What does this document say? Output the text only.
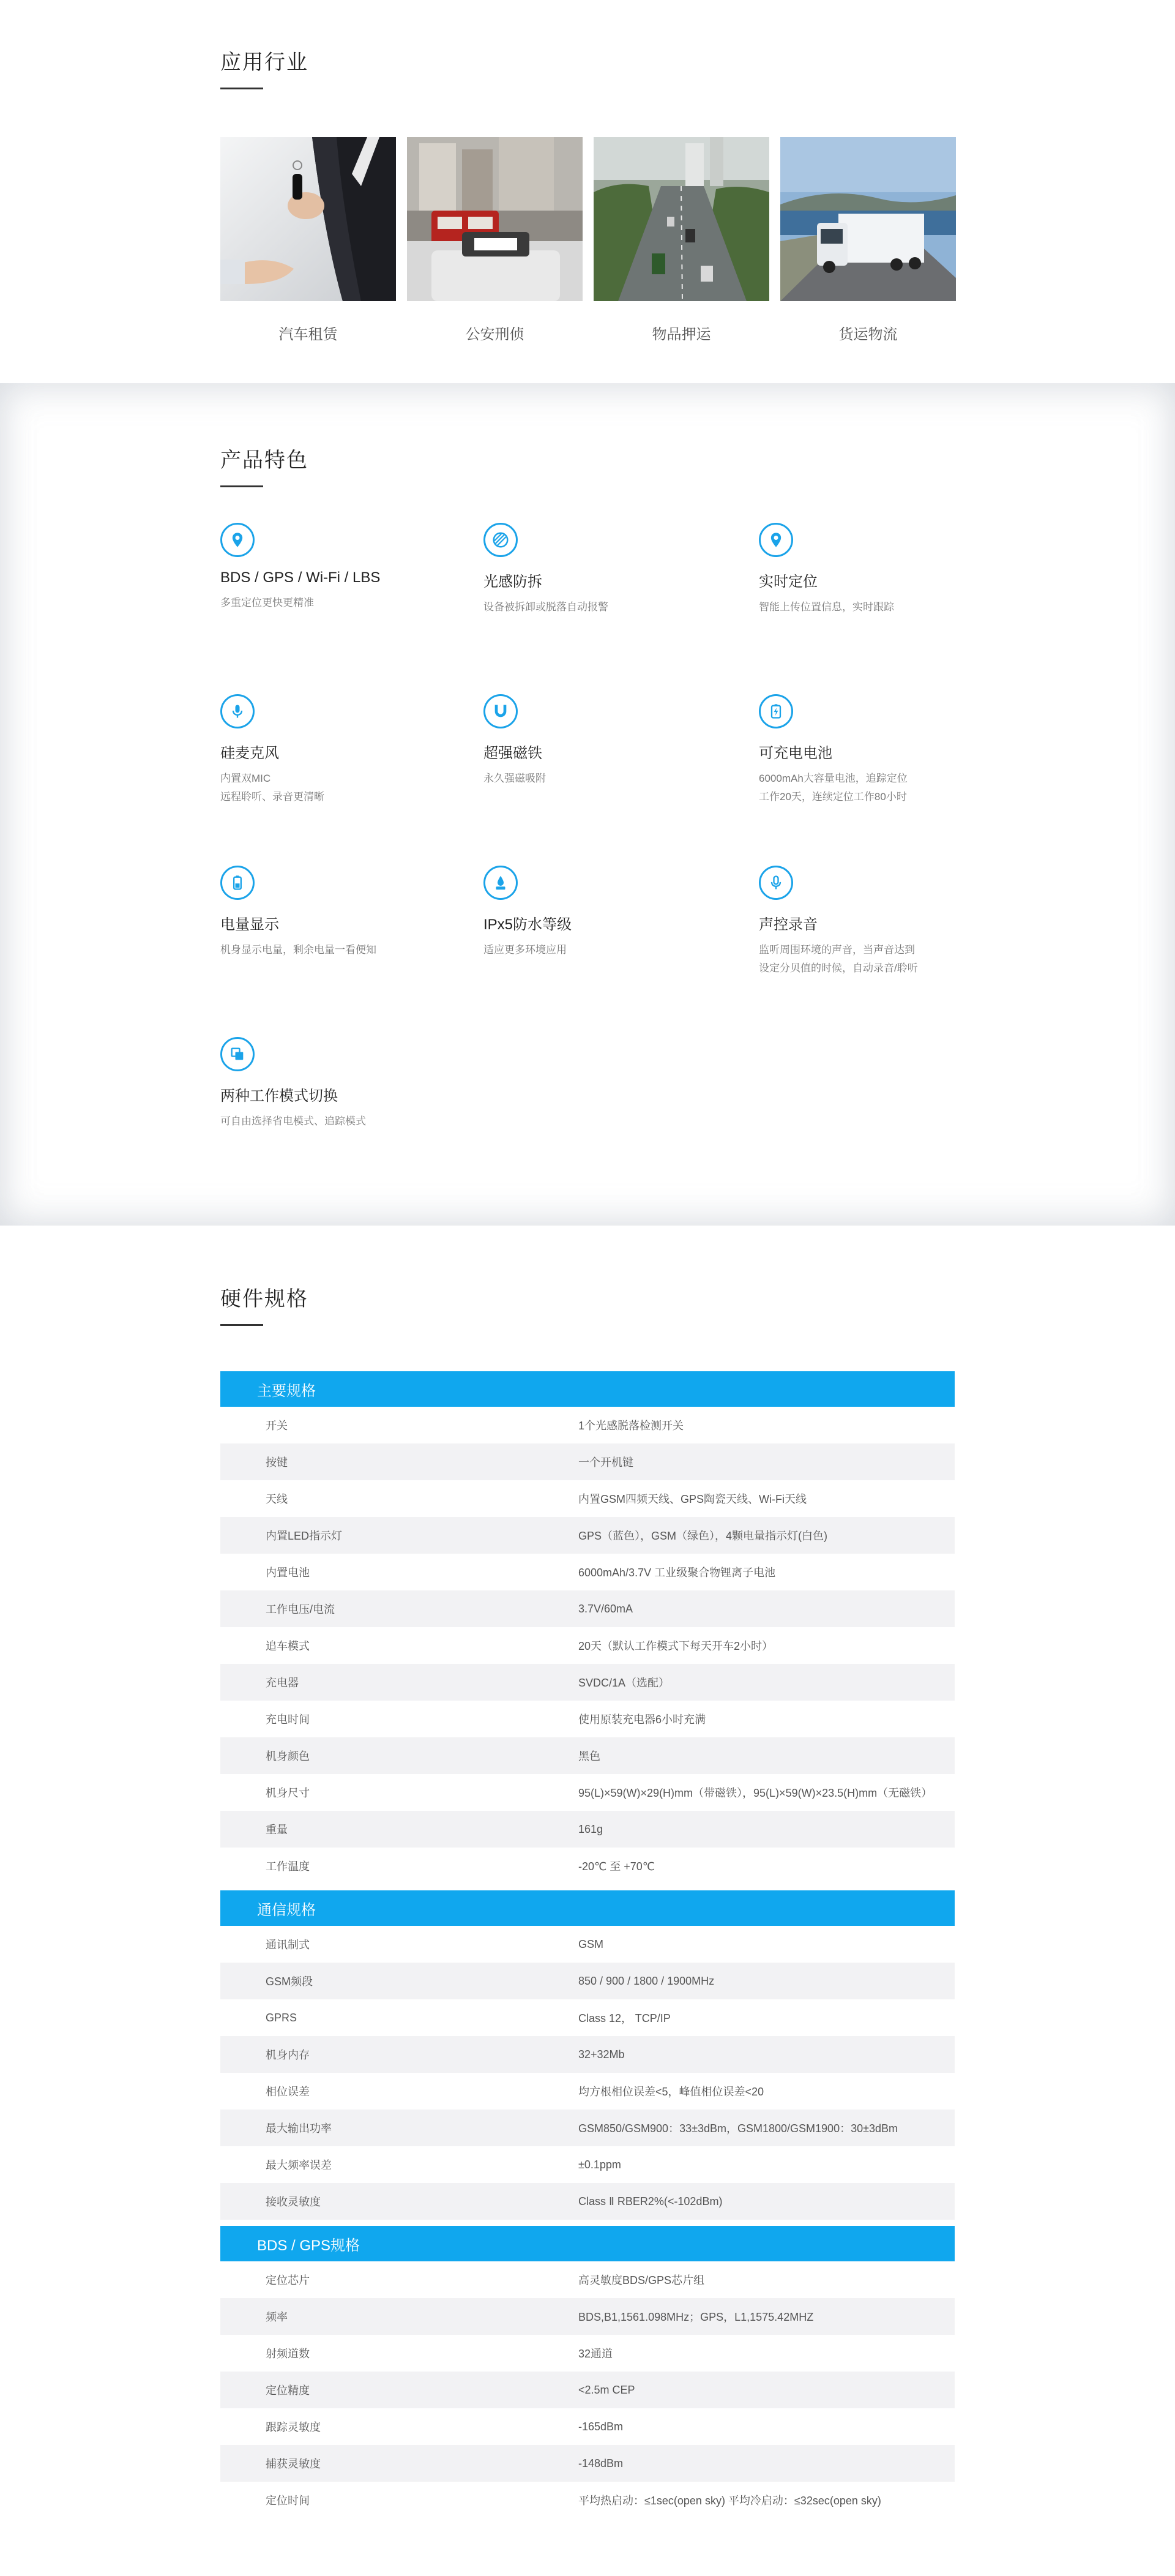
应用行业
汽车租赁	公安刑侦	物品押运	货运物流
产品特色
BDS / GPS / Wi-Fi / LBS
多重定位更快更精准
光感防拆
设备被拆卸或脱落自动报警
实时定位
智能上传位置信息，实时跟踪
硅麦克风
内置双MIC
远程聆听、录音更清晰
超强磁铁
永久强磁吸附
可充电电池
6000mAh大容量电池，追踪定位
工作20天，连续定位工作80小时
电量显示
机身显示电量，剩余电量一看便知
IPx5防水等级
适应更多环境应用
声控录音
监听周围环境的声音，当声音达到
设定分贝值的时候，自动录音/聆听
两种工作模式切换
可自由选择省电模式、追踪模式
硬件规格
主要规格	
开关	1个光感脱落检测开关
按键	一个开机键
天线	内置GSM四频天线、GPS陶瓷天线、Wi-Fi天线
内置LED指示灯	GPS（蓝色），GSM（绿色），4颗电量指示灯(白色)
内置电池	6000mAh/3.7V 工业级聚合物锂离子电池
工作电压/电流	3.7V/60mA
追车模式	20天（默认工作模式下每天开车2小时）
充电器	SVDC/1A（选配）
充电时间	使用原装充电器6小时充满
机身颜色	黑色
机身尺寸	95(L)×59(W)×29(H)mm（带磁铁），95(L)×59(W)×23.5(H)mm（无磁铁）
重量	161g
工作温度	-20℃ 至 +70℃

通信规格	
通讯制式	GSM
GSM频段	850 / 900 / 1800 / 1900MHz
GPRS	Class 12， TCP/IP
机身内存	32+32Mb
相位误差	均方根相位误差<5，峰值相位误差<20
最大输出功率	GSM850/GSM900：33±3dBm，GSM1800/GSM1900：30±3dBm
最大频率误差	±0.1ppm
接收灵敏度	Class Ⅱ RBER2%(<-102dBm)

BDS / GPS规格	
定位芯片	高灵敏度BDS/GPS芯片组
频率	BDS,B1,1561.098MHz；GPS，L1,1575.42MHZ
射频道数	32通道
定位精度	<2.5m CEP
跟踪灵敏度	-165dBm
捕获灵敏度	-148dBm
定位时间	平均热启动：≤1sec(open sky) 平均冷启动：≤32sec(open sky)
